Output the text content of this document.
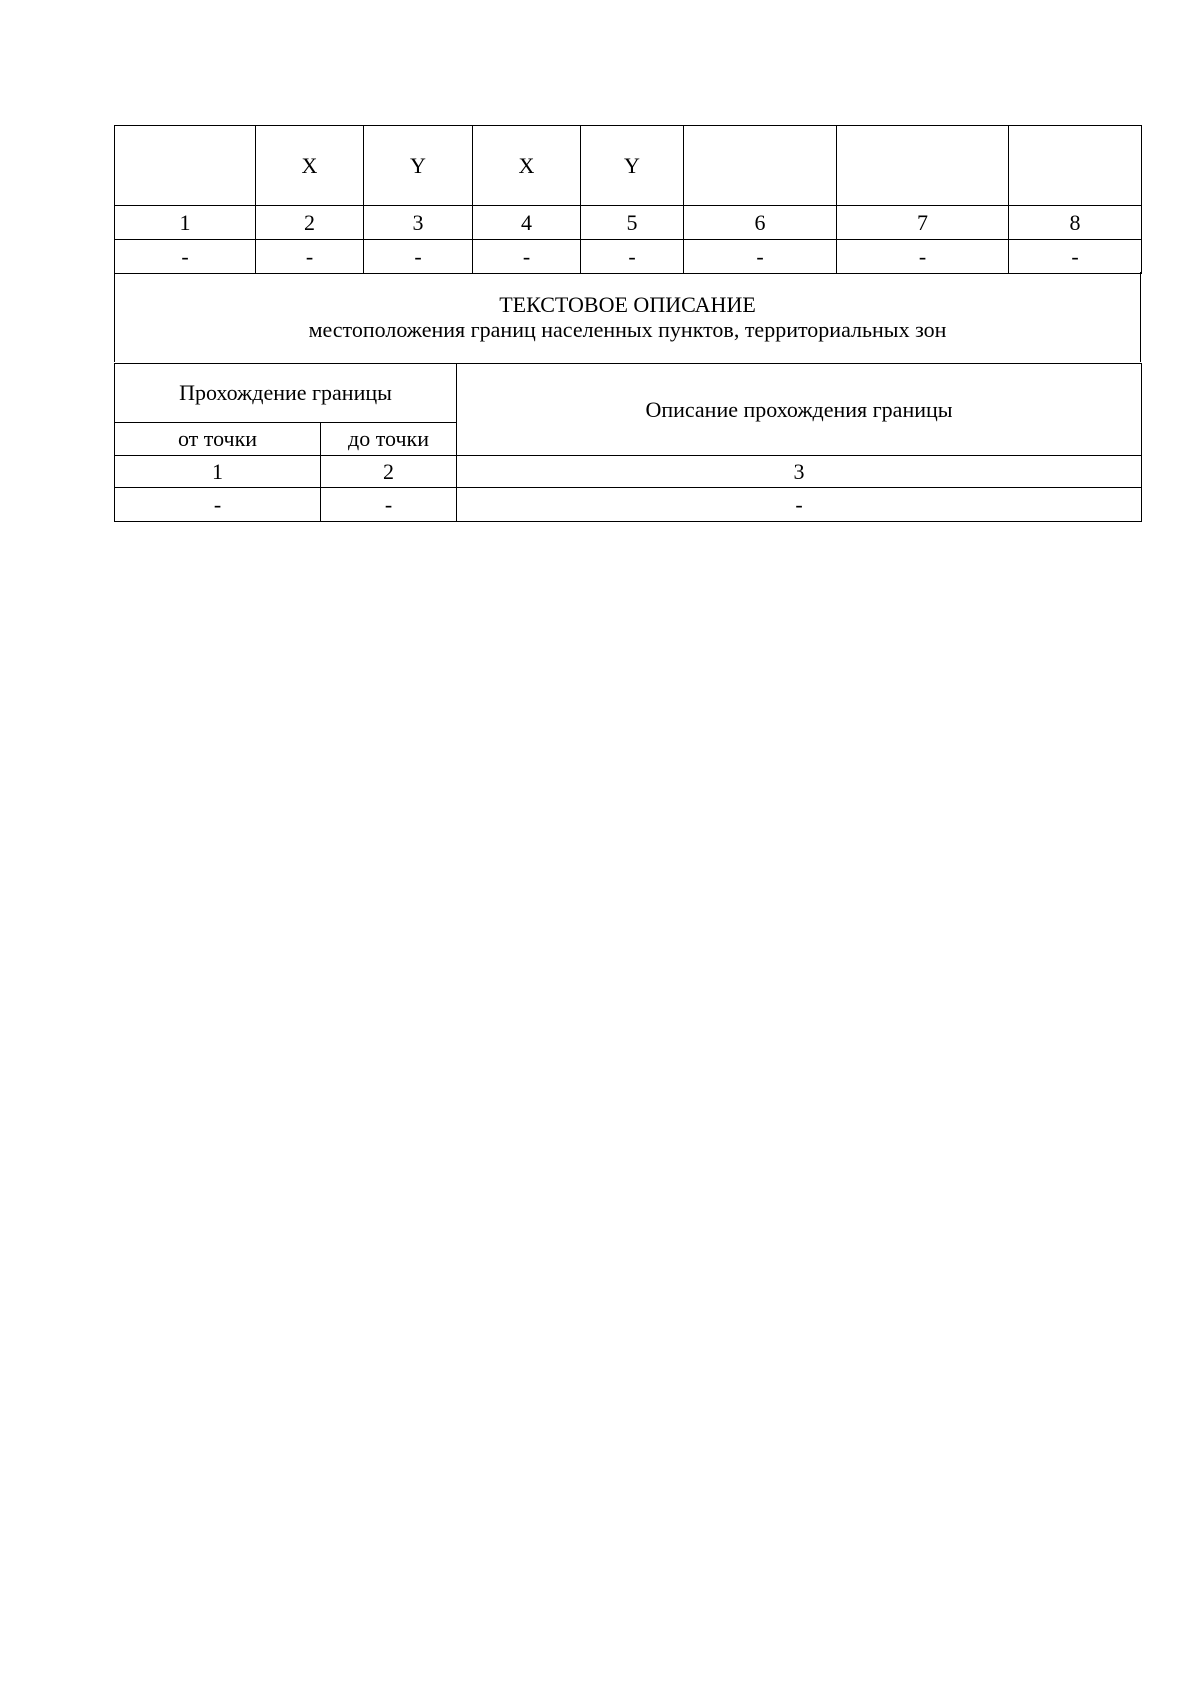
	X	Y	X	Y			
1	2	3	4	5	6	7	8
-	-	-	-	-	-	-	-
ТЕКСТОВОЕ ОПИСАНИЕ
местоположения границ населенных пунктов, территориальных зон
Прохождение границы		Описание прохождения границы
от точки	до точки	
1	2	3
-	-	-
